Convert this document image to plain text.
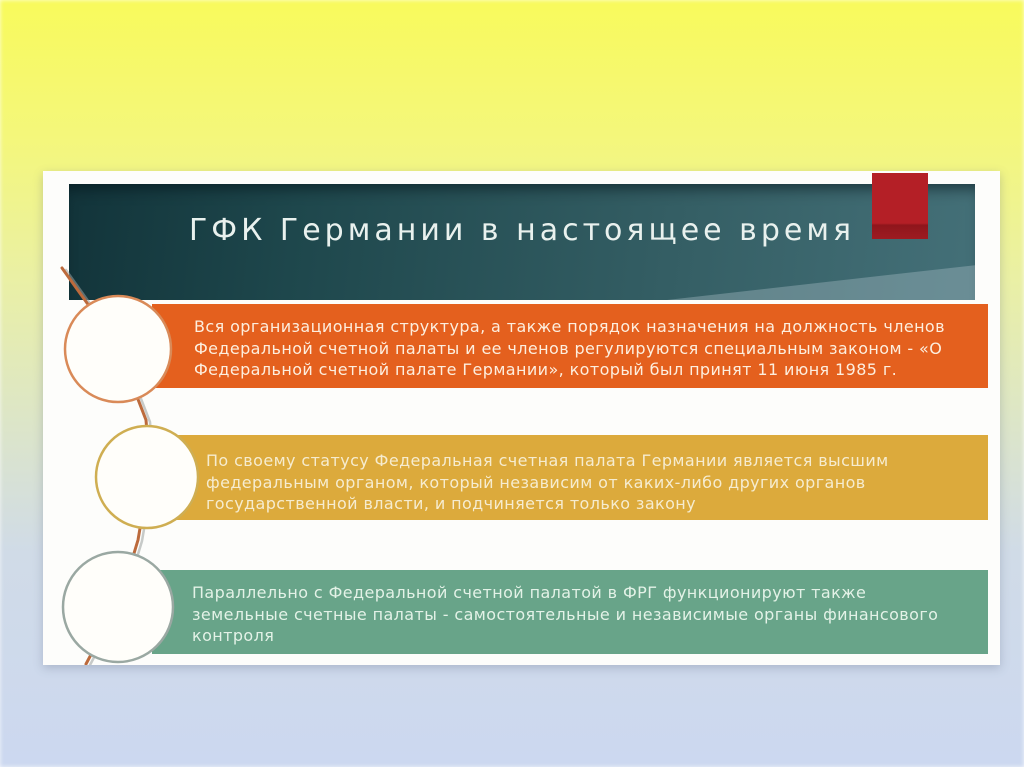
ГФК Германии в настоящее время
Вся организационная структура, а также порядок назначения на должность членов
Федеральной счетной палаты и ее членов регулируются специальным законом - «О
Федеральной счетной палате Германии», который был принят 11 июня 1985 г.
По своему статусу Федеральная счетная палата Германии является высшим
федеральным органом, который независим от каких-либо других органов
государственной власти, и подчиняется только закону
Параллельно с Федеральной счетной палатой в ФРГ функционируют также
земельные счетные палаты - самостоятельные и независимые органы финансового
контроля
